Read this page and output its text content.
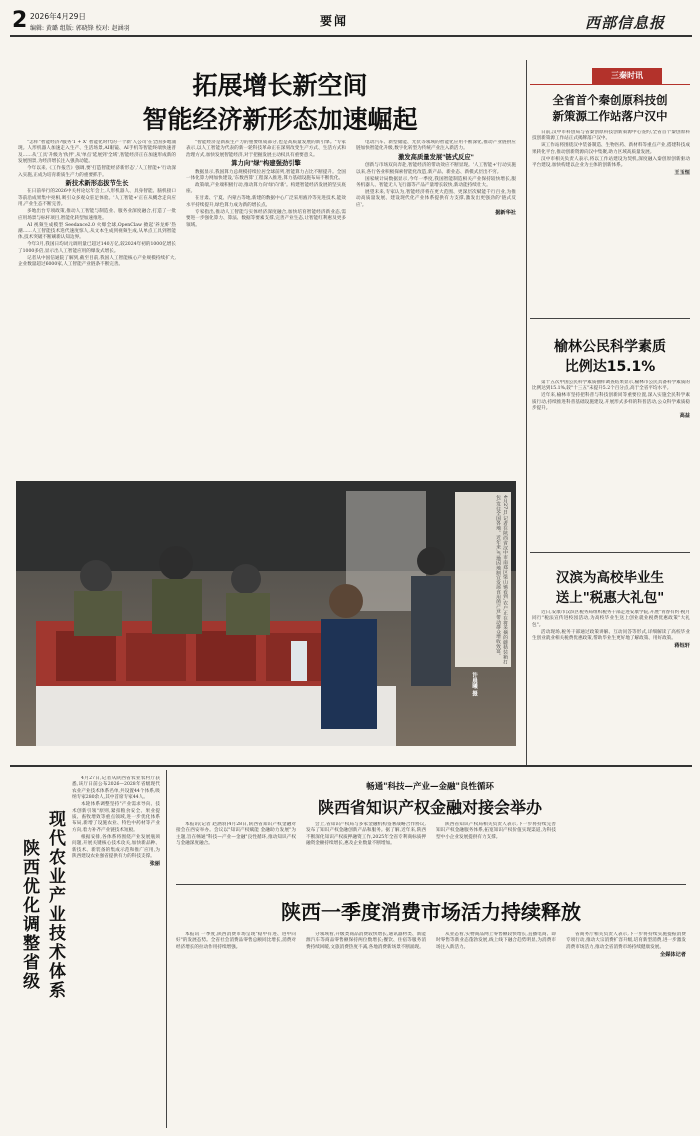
2 2026年4月29日
编辑: 黄璐 组版: 郭晓锋 校对: 赵涵羽
要闻	西部信息报
拓展增长新空间
智能经济新形态加速崛起

"怎样"智能经济?服务'1 + X' 智能化时代的一个新'人公司'在全国多地涌现。人形机器人加速走入生产、生活场景,AI眼镜、AI手机等智能终端快速普及……从'工具'升级为'伙伴',从'单点'延展到'全域',智能经济正在加速形成新的发展图景,为经济增长注入强劲动能。

今年以来,《工作报告》强调,要'打造智能经济新形态','人工智能+'行动深入实施,正成为培育新质生产力的重要抓手。

新技术新形态拔节生长

在日前举行的2026中关村论坛年会上,人形机器人、具身智能、脑机接口等前沿成果集中亮相,吸引众多观众驻足体验。'人工智能+'正在从概念走向应用,产业生态不断完善。

多地出台专项政策,推动人工智能与制造业、服务业深度融合,打造了一批应用场景与标杆项目,智能化转型加速推进。

AI 视频生成模型 Seedance2.0 火爆全球,OpenClaw 掀起'养龙虾'热潮……人工智能技术迭代速度惊人,从文本生成到视频生成,从单点工具到智能体,技术突破不断刷新认知边界。

今年3月,我国日均词元调用量已超过140万亿,较2024年初的1000亿增长了1000多倍,显示出人工智能应用的爆发式增长。

记者从中国信通院了解到,截至目前,我国人工智能核心产业规模持续扩大,企业数量超过6000家,人工智能产业链条不断完善。

"智能经济是新质生产力的重要组成部分,也是高质量发展的新引擎。"专家表示,以人工智能为代表的新一轮科技革命正在深刻改变生产方式、生活方式和治理方式,加快发展智能经济,对于把握发展主动权具有重要意义。

算力向"绿"构建强劲引擎

数据显示,我国算力总规模持续位居全球前列,智能算力占比不断提升。全国一体化算力网加快建设,'东数西算'工程深入推进,算力基础设施布局不断优化。

政策端,产业端积极行动,推动算力向'绿'向'新'。构建智能经济发展的坚实底座。

在甘肃、宁夏、内蒙古等地,新建的数据中心广泛采用液冷等先进技术,能效水平持续提升,绿色算力成为新的增长点。

专家指出,推动人工智能与实体经济深度融合,加快培育智能经济新业态,需要进一步强化算力、算法、数据等要素支撑,完善产业生态,让智能红利惠及更多领域。

电动汽车、新型储能、光伏等领域的智能化应用不断深化,推动产业链供应链加快智能化升级,数字化转型为传统产业注入新活力。

激发高质量发展"链式反应"

创新与市场双向奔赴,智能经济的带动效应不断显现。'人工智能+'行动实施以来,各行各业积极探索智能化改造,新产品、新业态、新模式层出不穷。

国家统计局数据显示,今年一季度,我国智能制造相关产业保持较快增长,服务机器人、智能无人飞行器等产品产量增长较快,新动能持续壮大。

展望未来,专家认为,智能经济将在更大范围、更深层次赋能千行百业,为推动高质量发展、建设现代化产业体系提供有力支撑,激发出更强劲的'链式反应'。

据新华社

4月27日,记者在陕西省汉中市南郑区梁山镇看到,农户正在将采摘的蘑菇装箱打包,发往全国各地。近年来,当地因地制宜发展食用菌产业,带动群众增收致富。
许晨曦 摄
三秦时讯
全省首个秦创原科技创
新策源工作站落户汉中

日前,汉中市科创局与省秦创原科技创新策源中心签约,全省首个秦创原科技创新策源工作站正式揭牌落户汉中。

该工作站将围绕汉中装备制造、生物医药、新材料等重点产业,搭建科技成果转化平台,推动创新资源向汉中集聚,助力区域高质量发展。

汉中市相关负责人表示,将以工作站建设为契机,深度融入秦创原创新驱动平台建设,加快构建以企业为主体的创新体系。

王玉恒

榆林公民科学素质
比例达15.1%

第十五次中国公民科学素质抽样调查结果显示,榆林市公民具备科学素质的比例达到15.1%,较"十三五"末提升5.2个百分点,高于全省平均水平。

近年来,榆林市坚持把科普与科技创新同等重要位置,深入实施全民科学素质行动,持续推进科普基础设施建设,开展形式多样的科普活动,公众科学素质稳步提升。

高益

汉滨为高校毕业生
送上"税惠大礼包"

近日,安康市汉滨区税务局组织税务干部走进安康学院,开展"青春有约·税月同行"税法宣传进校园活动,为高校毕业生送上创业就业税费优惠政策"大礼包"。

活动现场,税务干部通过政策讲解、互动问答等形式,详细解读了高校毕业生创业就业相关税费优惠政策,帮助毕业生更好地了解政策、用好政策。

蒋钰轩

陕西优化调整省级 现代农业产业技术体系

4月27日,记者从陕西省农业农村厅获悉,该厅日前公布2026—2028年省级现代农业产业技术体系名单,共设置44个体系,吸纳专家280余人,其中首席专家44人。

本轮体系调整坚持"产业需求导向、技术创新引领"原则,紧扣粮食安全、果业提质、畜牧增效等重点领域,进一步优化体系布局,新增了设施农业、特色中药材等产业方向,着力补齐产业链技术短板。

根据安排,各体系将围绕产业发展瓶颈问题,开展关键核心技术攻关,加快新品种、新技术、新装备的集成示范和推广应用,为陕西建设农业强省提供有力的科技支撑。

张丽

畅通"科技—产业—金融"良性循环
陕西省知识产权金融对接会举办

本报讯(记者 赵涵羽)4月28日,陕西省知识产权金融对接会在西安举办。会议以"知识产权赋能 金融助力发展"为主题,旨在畅通"科技—产业—金融"良性循环,推动知识产权与金融深度融合。

会上,省知识产权局与多家金融机构签署战略合作协议,发布了知识产权金融创新产品和服务。据了解,近年来,陕西不断深化知识产权质押融资工作,2025年全省专利商标质押融资金额持续增长,惠及企业数量不断增加。

陕西省知识产权局相关负责人表示,下一步将持续完善知识产权金融服务体系,拓宽知识产权价值实现渠道,为科技型中小企业发展提供有力支撑。

陕西一季度消费市场活力持续释放

本报讯 一季度,陕西消费市场呈现"稳中有进、进中向好"的发展态势。全省社会消费品零售总额同比增长,消费对经济增长的拉动作用持续增强。

分领域看,升级类商品消费较快增长,通讯器材类、新能源汽车等商品零售额保持两位数增长;餐饮、住宿等服务消费持续回暖,文旅消费热度不减,各地消费新场景不断涌现。

从业态看,实物商品网上零售额较快增长,直播电商、即时零售等新业态蓬勃发展,线上线下融合趋势明显,为消费市场注入新活力。

省商务厅相关负责人表示,下一步将持续实施提振消费专项行动,推动大宗消费扩容升级,培育新型消费,进一步激发消费市场活力,推动全省消费市场持续健康发展。

全媒体记者
